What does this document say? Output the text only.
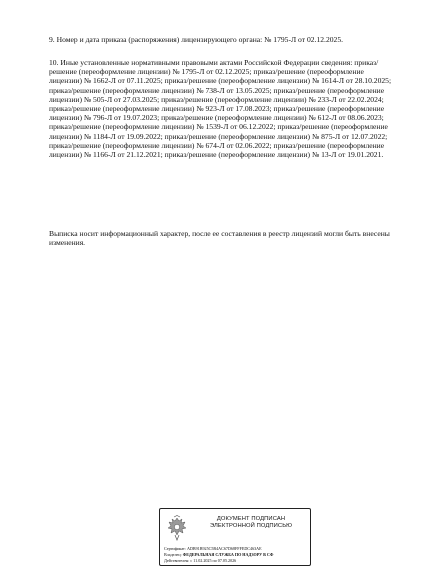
9. Номер и дата приказа (распоряжения) лицензирующего органа: № 1795-Л от 02.12.2025.

10. Иные установленные нормативными правовыми актами Российской Федерации сведения: приказ/решение (переоформление лицензии) № 1795-Л от 02.12.2025; приказ/решение (переоформление лицензии) № 1662-Л от 07.11.2025; приказ/решение (переоформление лицензии) № 1614-Л от 28.10.2025; приказ/решение (переоформление лицензии) № 738-Л от 13.05.2025; приказ/решение (переоформление лицензии) № 505-Л от 27.03.2025; приказ/решение (переоформление лицензии) № 233-Л от 22.02.2024; приказ/решение (переоформление лицензии) № 923-Л от 17.08.2023; приказ/решение (переоформление лицензии) № 796-Л от 19.07.2023; приказ/решение (переоформление лицензии) № 612-Л от 08.06.2023; приказ/решение (переоформление лицензии) № 1539-Л от 06.12.2022; приказ/решение (переоформление лицензии) № 1184-Л от 19.09.2022; приказ/решение (переоформление лицензии) № 875-Л от 12.07.2022; приказ/решение (переоформление лицензии) № 674-Л от 02.06.2022; приказ/решение (переоформление лицензии) № 1166-Л от 21.12.2021; приказ/решение (переоформление лицензии) № 13-Л от 19.01.2021.

Выписка носит информационный характер, после ее составления в реестр лицензий могли быть внесены изменения.

ДОКУМЕНТ ПОДПИСАН
ЭЛЕКТРОННОЙ ПОДПИСЬЮ
Сертификат: ADB91B925C5B4AC67D68FFFEDC463AE
Владелец: ФЕДЕРАЛЬНАЯ СЛУЖБА ПО НАДЗОРУ В СФ
Действителен: с 11.02.2025 по 07.05.2026
